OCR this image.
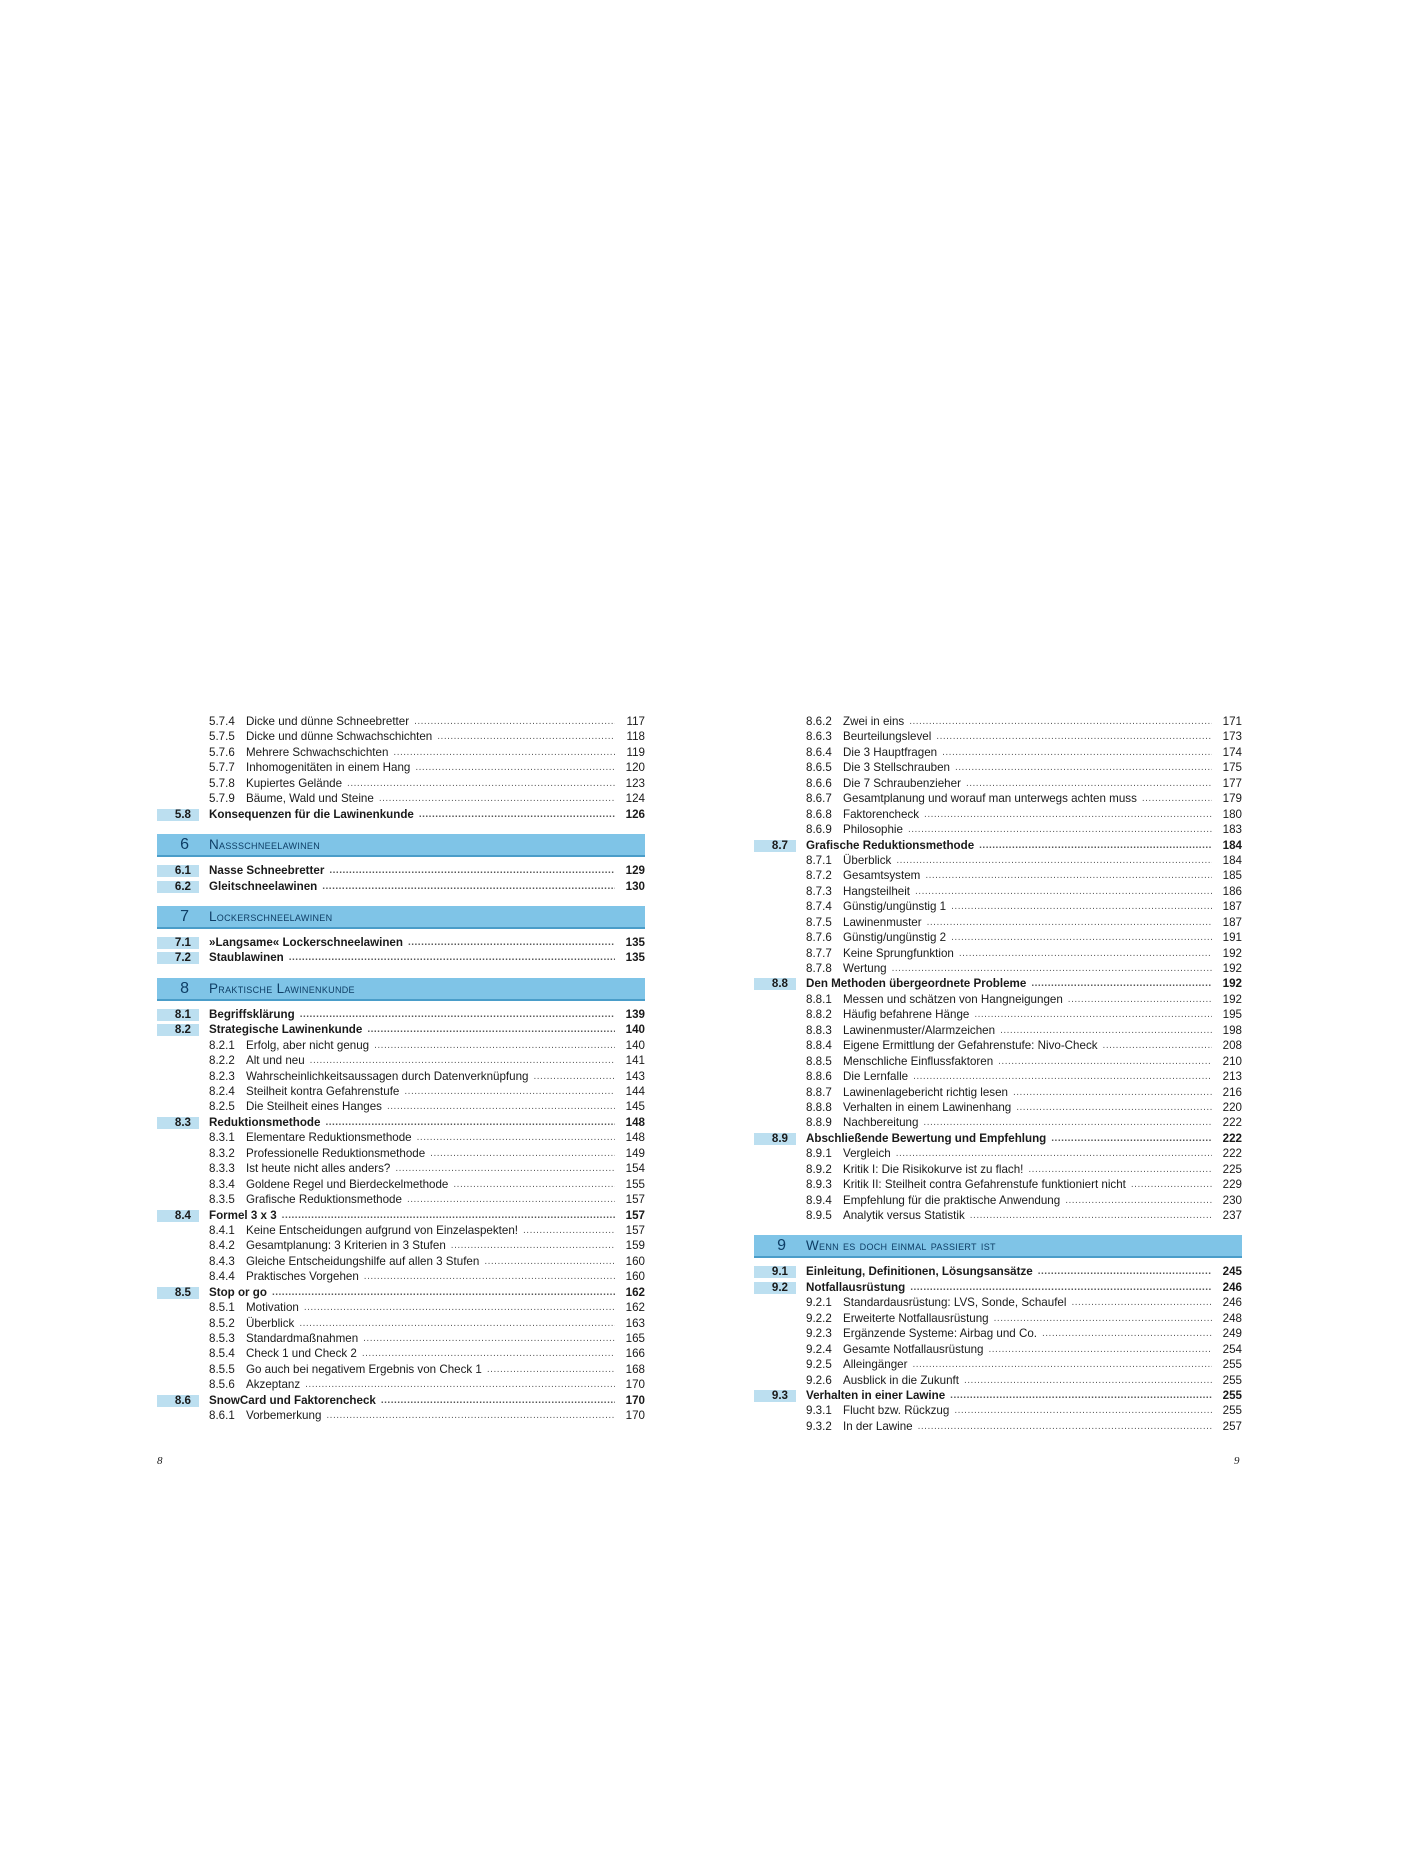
5.7.4 Dicke und dünne Schneebretter .....	117
5.7.5 Dicke und dünne Schwachschichten .....	118
5.7.6 Mehrere Schwachschichten .....	119
5.7.7 Inhomogenitäten in einem Hang .....	120
5.7.8 Kupiertes Gelände .....	123
5.7.9 Bäume, Wald und Steine .....	124
5.8	Konsequenzen für die Lawinenkunde .....	126
6	Nassschneelawinen
6.1	Nasse Schneebretter .....	129
6.2	Gleitschneelawinen .....	130
7	Lockerschneelawinen
7.1	»Langsame« Lockerschneelawinen .....	135
7.2	Staublawinen .....	135
8	Praktische Lawinenkunde
8.1	Begriffsklärung .....	139
8.2	Strategische Lawinenkunde .....	140
8.2.1 Erfolg, aber nicht genug .....	140
8.2.2 Alt und neu .....	141
8.2.3 Wahrscheinlichkeitsaussagen durch Datenverknüpfung .....	143
8.2.4 Steilheit kontra Gefahrenstufe .....	144
8.2.5 Die Steilheit eines Hanges .....	145
8.3	Reduktionsmethode .....	148
8.3.1 Elementare Reduktionsmethode .....	148
8.3.2 Professionelle Reduktionsmethode .....	149
8.3.3 Ist heute nicht alles anders? .....	154
8.3.4 Goldene Regel und Bierdeckelmethode .....	155
8.3.5 Grafische Reduktionsmethode .....	157
8.4	Formel 3 x 3 .....	157
8.4.1 Keine Entscheidungen aufgrund von Einzelaspekten! .....	157
8.4.2 Gesamtplanung: 3 Kriterien in 3 Stufen .....	159
8.4.3 Gleiche Entscheidungshilfe auf allen 3 Stufen .....	160
8.4.4 Praktisches Vorgehen .....	160
8.5	Stop or go .....	162
8.5.1 Motivation .....	162
8.5.2 Überblick .....	163
8.5.3 Standardmaßnahmen .....	165
8.5.4 Check 1 und Check 2 .....	166
8.5.5 Go auch bei negativem Ergebnis von Check 1 .....	168
8.5.6 Akzeptanz .....	170
8.6	SnowCard und Faktorencheck .....	170
8.6.1 Vorbemerkung .....	170
8.6.2 Zwei in eins .....	171
8.6.3 Beurteilungslevel .....	173
8.6.4 Die 3 Hauptfragen .....	174
8.6.5 Die 3 Stellschrauben .....	175
8.6.6 Die 7 Schraubenzieher .....	177
8.6.7 Gesamtplanung und worauf man unterwegs achten muss .....	179
8.6.8 Faktorencheck .....	180
8.6.9 Philosophie .....	183
8.7	Grafische Reduktionsmethode .....	184
8.7.1 Überblick .....	184
8.7.2 Gesamtsystem .....	185
8.7.3 Hangsteilheit .....	186
8.7.4 Günstig/ungünstig 1 .....	187
8.7.5 Lawinenmuster .....	187
8.7.6 Günstig/ungünstig 2 .....	191
8.7.7 Keine Sprungfunktion .....	192
8.7.8 Wertung .....	192
8.8	Den Methoden übergeordnete Probleme .....	192
8.8.1 Messen und schätzen von Hangneigungen .....	192
8.8.2 Häufig befahrene Hänge .....	195
8.8.3 Lawinenmuster/Alarmzeichen .....	198
8.8.4 Eigene Ermittlung der Gefahrenstufe: Nivo-Check .....	208
8.8.5 Menschliche Einflussfaktoren .....	210
8.8.6 Die Lernfalle .....	213
8.8.7 Lawinenlagebericht richtig lesen .....	216
8.8.8 Verhalten in einem Lawinenhang .....	220
8.8.9 Nachbereitung .....	222
8.9	Abschließende Bewertung und Empfehlung .....	222
8.9.1 Vergleich .....	222
8.9.2 Kritik I: Die Risikokurve ist zu flach! .....	225
8.9.3 Kritik II: Steilheit contra Gefahrenstufe funktioniert nicht .....	229
8.9.4 Empfehlung für die praktische Anwendung .....	230
8.9.5 Analytik versus Statistik .....	237
9	Wenn es doch einmal passiert ist
9.1	Einleitung, Definitionen, Lösungsansätze .....	245
9.2	Notfallausrüstung .....	246
9.2.1 Standardausrüstung: LVS, Sonde, Schaufel .....	246
9.2.2 Erweiterte Notfallausrüstung .....	248
9.2.3 Ergänzende Systeme: Airbag und Co. .....	249
9.2.4 Gesamte Notfallausrüstung .....	254
9.2.5 Alleingänger .....	255
9.2.6 Ausblick in die Zukunft .....	255
9.3	Verhalten in einer Lawine .....	255
9.3.1 Flucht bzw. Rückzug .....	255
9.3.2 In der Lawine .....	257
8	9
